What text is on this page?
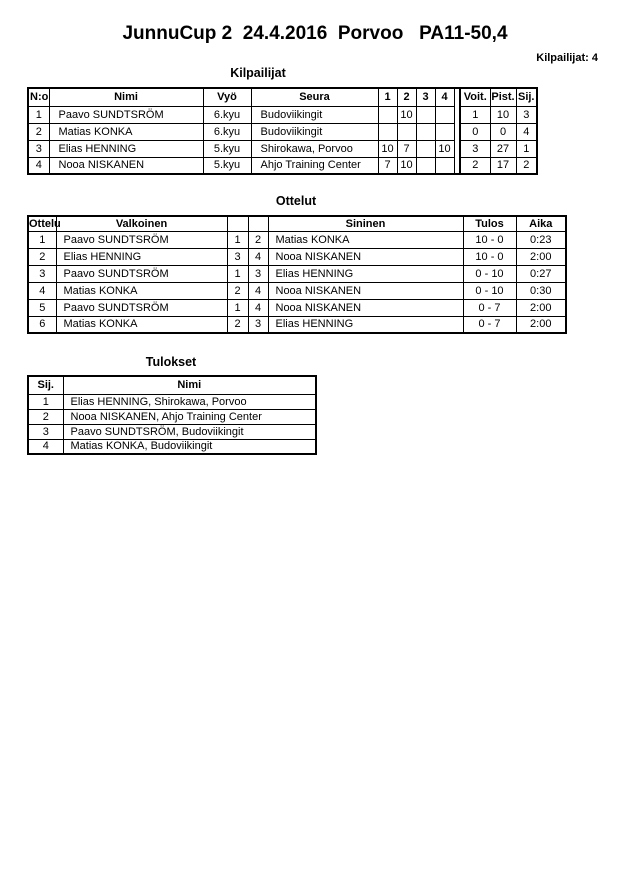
JunnuCup 2  24.4.2016  Porvoo   PA11-50,4
Kilpailijat: 4
Kilpailijat
N:o	Nimi	Vyö	Seura	1	2	3	4		Voit.	Pist.	Sij.
1	Paavo SUNDTSRÖM	6.kyu	Budoviikingit		10				1	10	3
2	Matias KONKA	6.kyu	Budoviikingit						0	0	4
3	Elias HENNING	5.kyu	Shirokawa, Porvoo	10	7		10		3	27	1
4	Nooa NISKANEN	5.kyu	Ahjo Training Center	7	10				2	17	2
Ottelut
Ottelu	Valkoinen			Sininen	Tulos	Aika
1	Paavo SUNDTSRÖM	1	2	Matias KONKA	10 - 0	0:23
2	Elias HENNING	3	4	Nooa NISKANEN	10 - 0	2:00
3	Paavo SUNDTSRÖM	1	3	Elias HENNING	0 - 10	0:27
4	Matias KONKA	2	4	Nooa NISKANEN	0 - 10	0:30
5	Paavo SUNDTSRÖM	1	4	Nooa NISKANEN	0 - 7	2:00
6	Matias KONKA	2	3	Elias HENNING	0 - 7	2:00
Tulokset
Sij.	Nimi
1	Elias HENNING, Shirokawa, Porvoo
2	Nooa NISKANEN, Ahjo Training Center
3	Paavo SUNDTSRÖM, Budoviikingit
4	Matias KONKA, Budoviikingit
